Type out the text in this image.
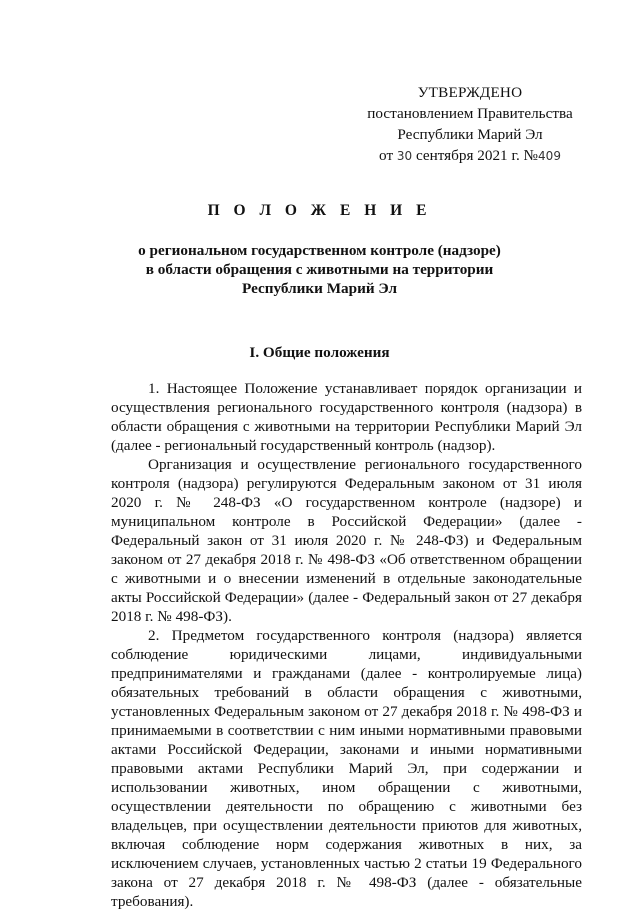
УТВЕРЖДЕНО
постановлением Правительства
Республики Марий Эл
от 30 сентября 2021 г. №409
П О Л О Ж Е Н И Е
о региональном государственном контроле (надзоре)
в области обращения с животными на территории
Республики Марий Эл
I. Общие положения

1. Настоящее Положение устанавливает порядок организации и осуществления регионального государственного контроля (надзора) в области обращения с животными на территории Республики Марий Эл (далее - региональный государственный контроль (надзор).

Организация и осуществление регионального государственного контроля (надзора) регулируются Федеральным законом от 31 июля 2020 г. № 248-ФЗ «О государственном контроле (надзоре) и муниципальном контроле в Российской Федерации» (далее - Федеральный закон от 31 июля 2020 г. № 248-ФЗ) и Федеральным законом от 27 декабря 2018 г. № 498-ФЗ «Об ответственном обращении с животными и о внесении изменений в отдельные законодательные акты Российской Федерации» (далее - Федеральный закон от 27 декабря 2018 г. № 498-ФЗ).

2. Предметом государственного контроля (надзора) является соблюдение юридическими лицами, индивидуальными предпринимателями и гражданами (далее - контролируемые лица) обязательных требований в области обращения с животными, установленных Федеральным законом от 27 декабря 2018 г. № 498-ФЗ и принимаемыми в соответствии с ним иными нормативными правовыми актами Российской Федерации, законами и иными нормативными правовыми актами Республики Марий Эл, при содержании и использовании животных, ином обращении с животными, осуществлении деятельности по обращению с животными без владельцев, при осуществлении деятельности приютов для животных, включая соблюдение норм содержания животных в них, за исключением случаев, установленных частью 2 статьи 19 Федерального закона от 27 декабря 2018 г. № 498-ФЗ (далее - обязательные требования).
